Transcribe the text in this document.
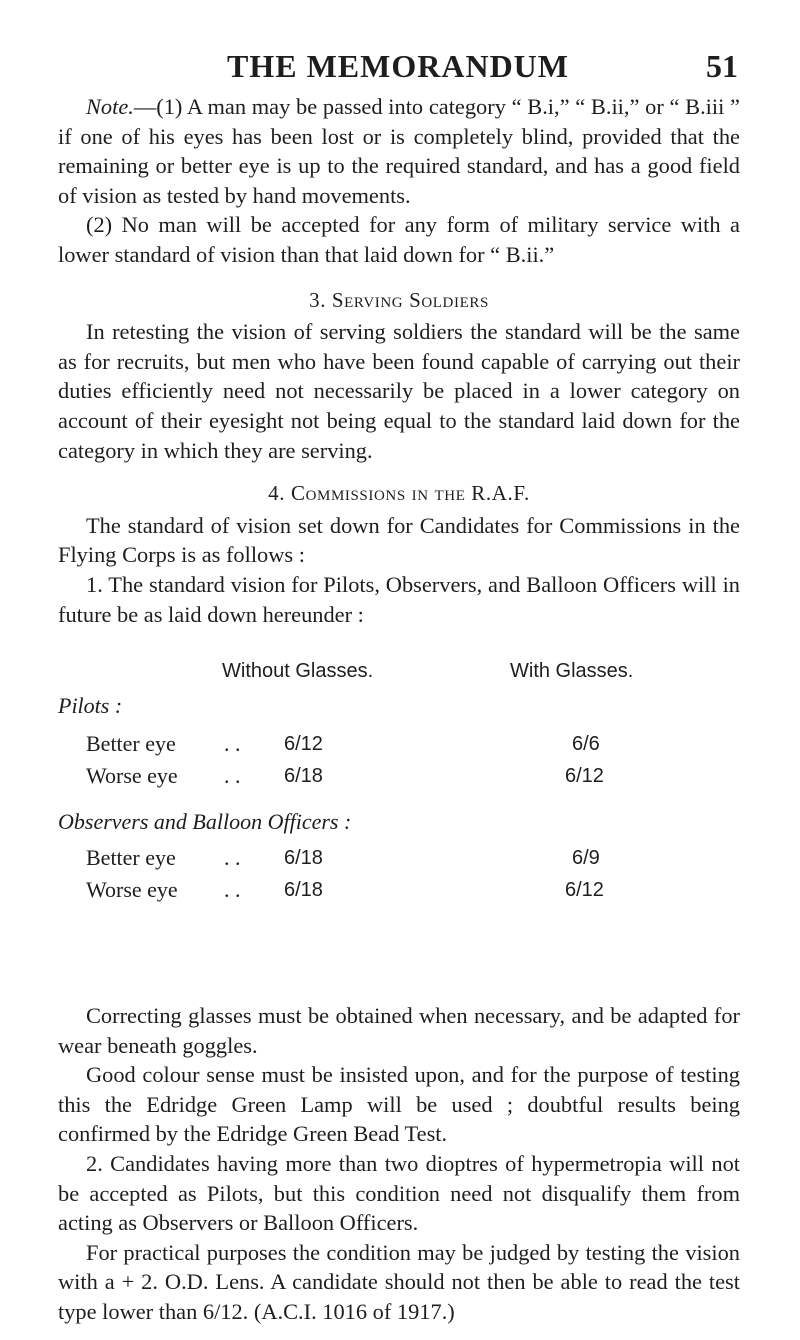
THE MEMORANDUM	51

Note.—(1) A man may be passed into category “ B.i,” “ B.ii,” or “ B.iii ” if one of his eyes has been lost or is completely blind, provided that the remaining or better eye is up to the required standard, and has a good field of vision as tested by hand movements.

(2) No man will be accepted for any form of military service with a lower standard of vision than that laid down for “ B.ii.”

3. Serving Soldiers

In retesting the vision of serving soldiers the standard will be the same as for recruits, but men who have been found capable of carrying out their duties efficiently need not necessarily be placed in a lower category on account of their eyesight not being equal to the standard laid down for the category in which they are serving.

4. Commissions in the R.A.F.

The standard of vision set down for Candidates for Commissions in the Flying Corps is as follows :

1. The standard vision for Pilots, Observers, and Balloon Officers will in future be as laid down hereunder :

Without Glasses.	With Glasses.
Pilots :
Better eye . . 6/12	6/6
Worse eye . . 6/18	6/12
Observers and Balloon Officers :
Better eye . . 6/18	6/9
Worse eye . . 6/18	6/12

Correcting glasses must be obtained when necessary, and be adapted for wear beneath goggles.

Good colour sense must be insisted upon, and for the purpose of testing this the Edridge Green Lamp will be used ; doubtful results being confirmed by the Edridge Green Bead Test.

2. Candidates having more than two dioptres of hypermetropia will not be accepted as Pilots, but this condition need not disqualify them from acting as Observers or Balloon Officers.

For practical purposes the condition may be judged by testing the vision with a + 2. O.D. Lens. A candidate should not then be able to read the test type lower than 6/12. (A.C.I. 1016 of 1917.)
